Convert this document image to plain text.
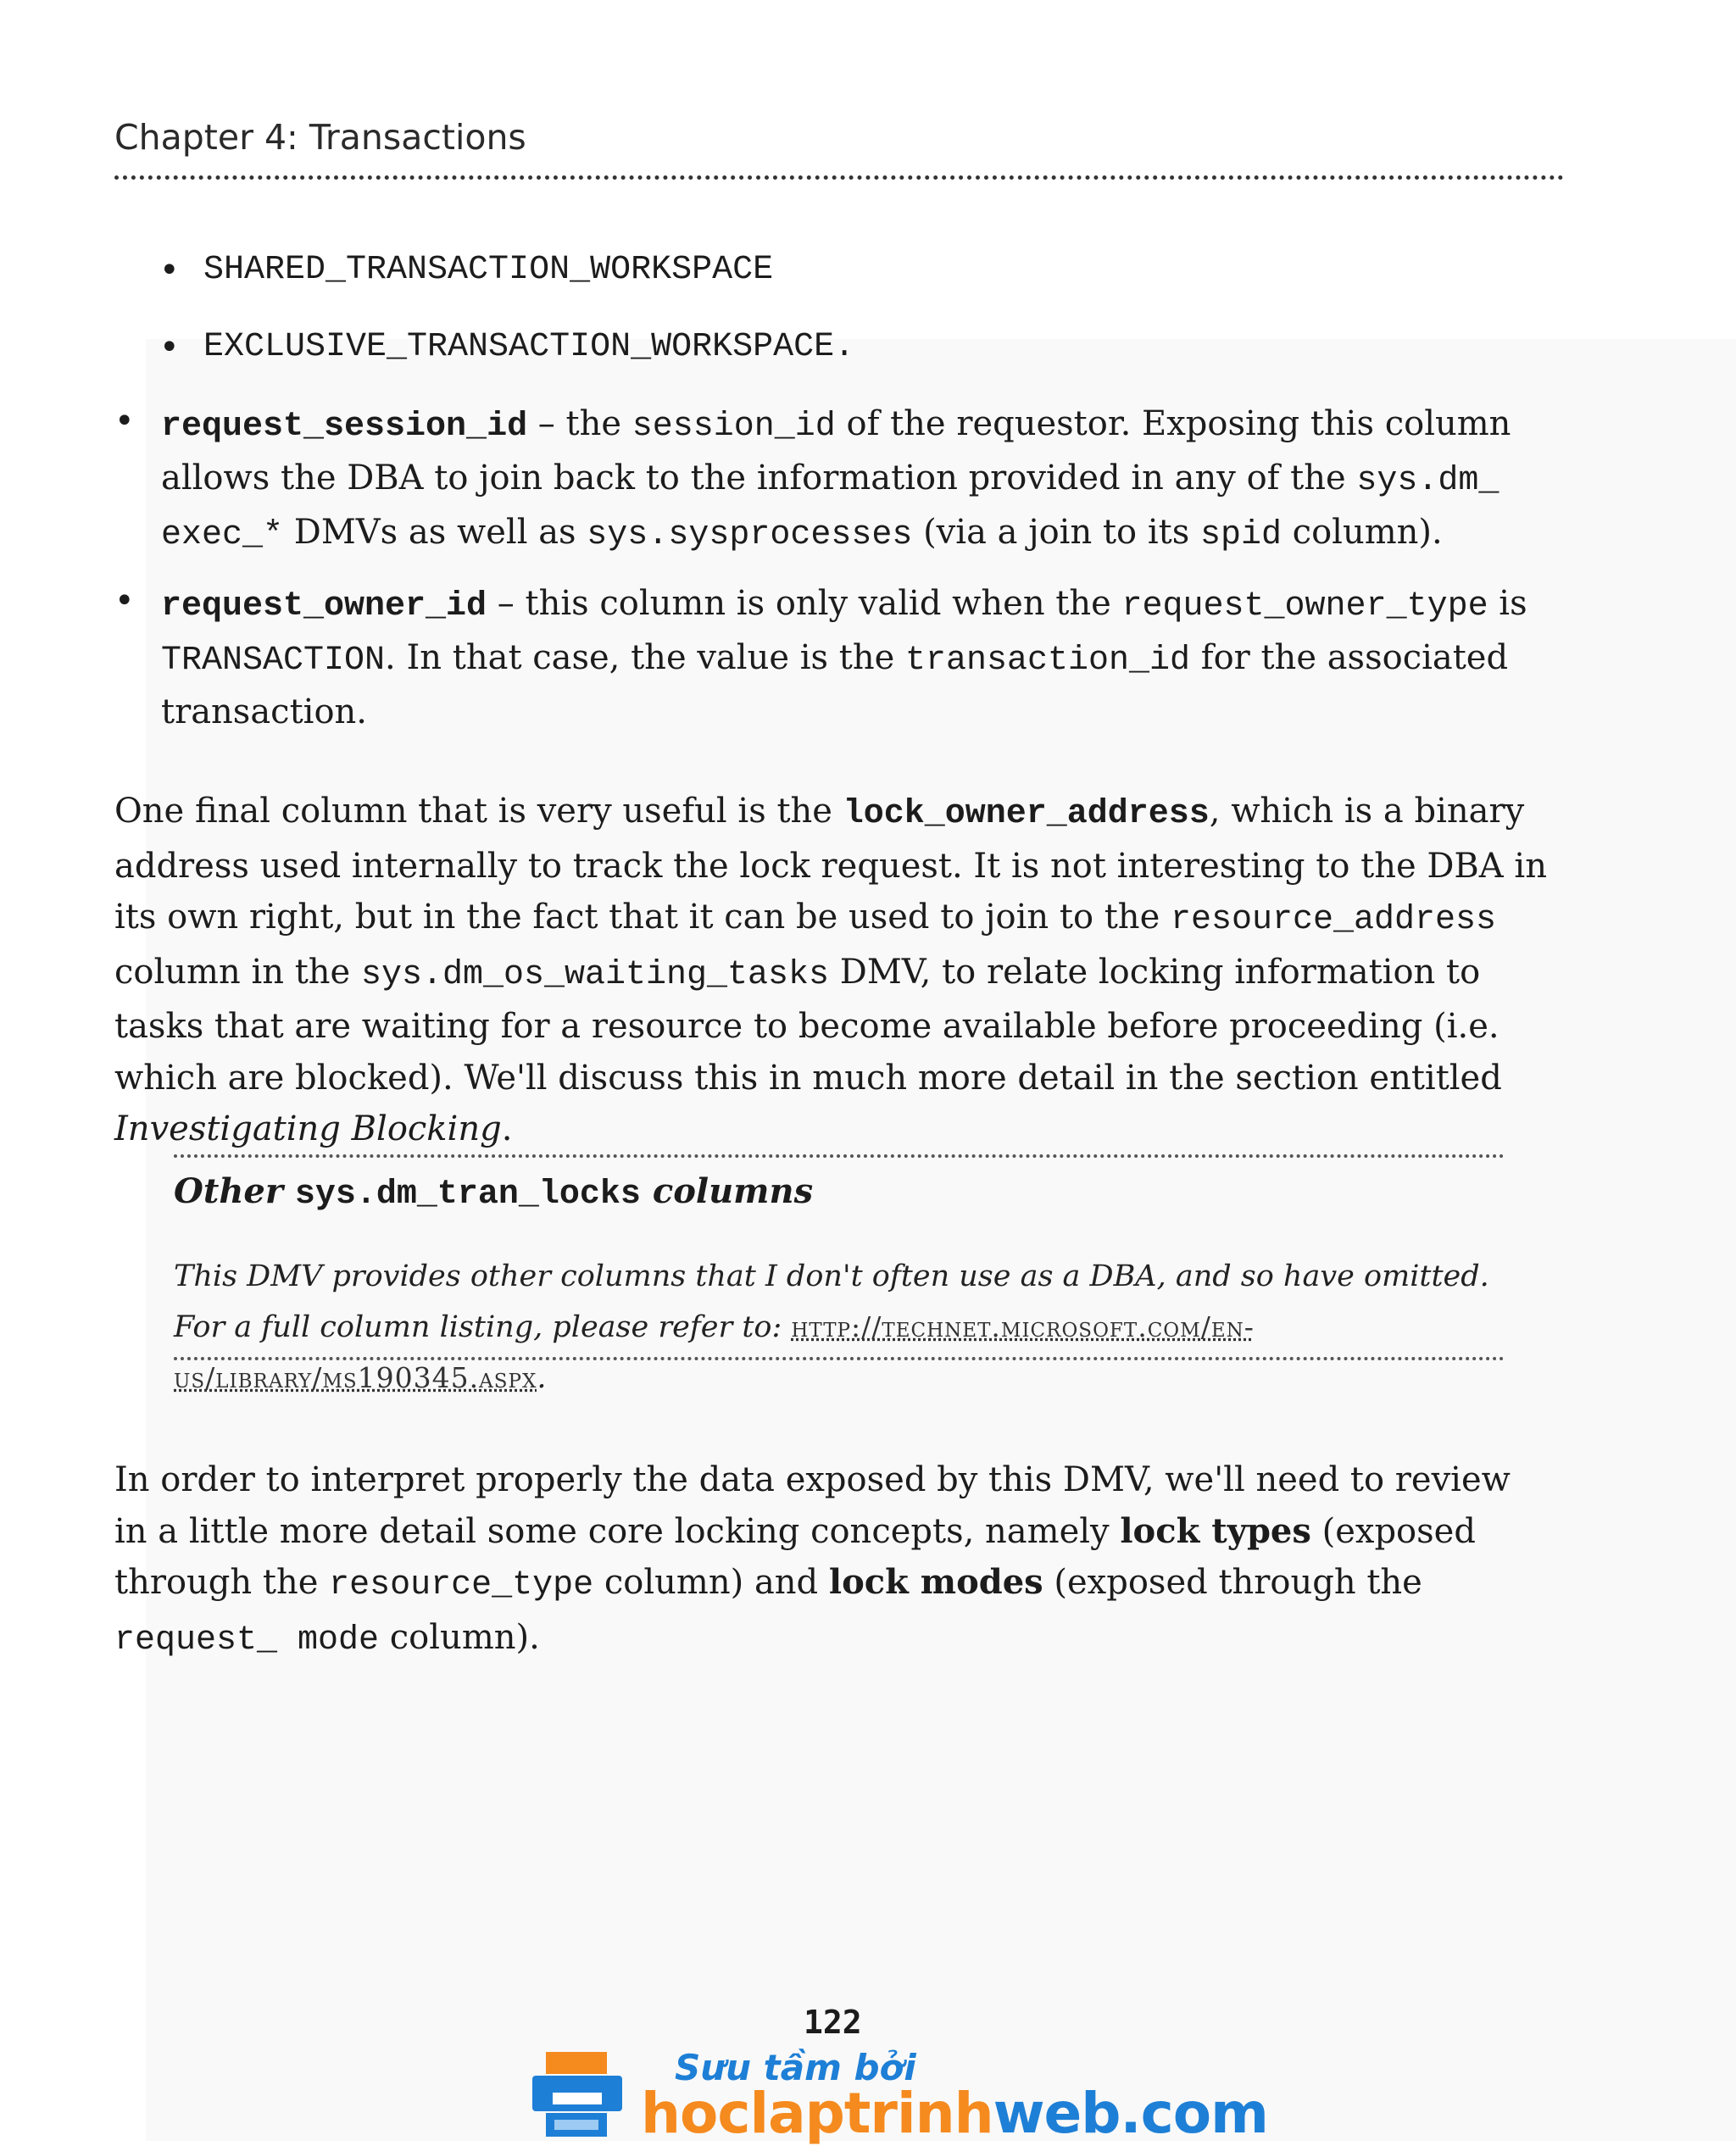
Chapter 4: Transactions
• SHARED_TRANSACTION_WORKSPACE
• EXCLUSIVE_TRANSACTION_WORKSPACE.
• request_session_id – the session_id of the requestor. Exposing this column allows the DBA to join back to the information provided in any of the sys.dm_ exec_* DMVs as well as sys.sysprocesses (via a join to its spid column).
• request_owner_id – this column is only valid when the request_owner_type is TRANSACTION. In that case, the value is the transaction_id for the associated transaction.
One final column that is very useful is the lock_owner_address, which is a binary address used internally to track the lock request. It is not interesting to the DBA in its own right, but in the fact that it can be used to join to the resource_address column in the sys.dm_os_waiting_tasks DMV, to relate locking information to tasks that are waiting for a resource to become available before proceeding (i.e. which are blocked). We'll discuss this in much more detail in the section entitled Investigating Blocking.
Other sys.dm_tran_locks columns
This DMV provides other columns that I don't often use as a DBA, and so have omitted. For a full column listing, please refer to: http://technet.microsoft.com/en-us/library/ms190345.aspx.
In order to interpret properly the data exposed by this DMV, we'll need to review in a little more detail some core locking concepts, namely lock types (exposed through the resource_type column) and lock modes (exposed through the request_ mode column).
122
Sưu tầm bởi
hoclaptrinhweb.com
